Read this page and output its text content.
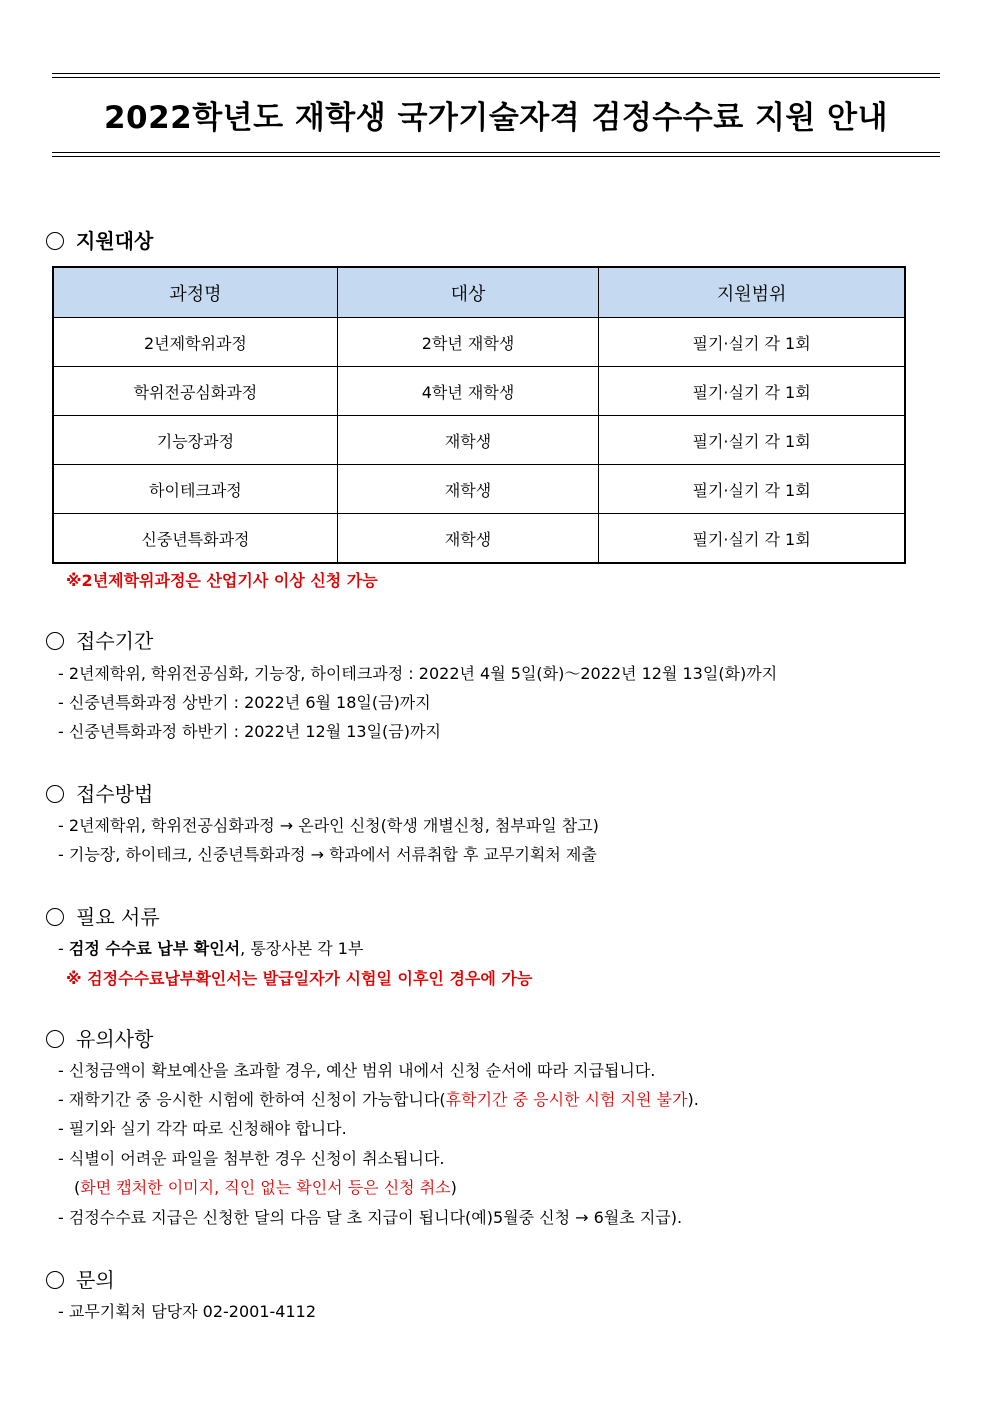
2022학년도 재학생 국가기술자격 검정수수료 지원 안내
지원대상
과정명	대상	지원범위
2년제학위과정	2학년 재학생	필기·실기 각 1회
학위전공심화과정	4학년 재학생	필기·실기 각 1회
기능장과정	재학생	필기·실기 각 1회
하이테크과정	재학생	필기·실기 각 1회
신중년특화과정	재학생	필기·실기 각 1회
※2년제학위과정은 산업기사 이상 신청 가능
접수기간
- 2년제학위, 학위전공심화, 기능장, 하이테크과정 : 2022년 4월 5일(화)～2022년 12월 13일(화)까지
- 신중년특화과정 상반기 : 2022년 6월 18일(금)까지
- 신중년특화과정 하반기 : 2022년 12월 13일(금)까지
접수방법
- 2년제학위, 학위전공심화과정 → 온라인 신청(학생 개별신청, 첨부파일 참고)
- 기능장, 하이테크, 신중년특화과정 → 학과에서 서류취합 후 교무기획처 제출
필요 서류
- 검정 수수료 납부 확인서, 통장사본 각 1부
※ 검정수수료납부확인서는 발급일자가 시험일 이후인 경우에 가능
유의사항
- 신청금액이 확보예산을 초과할 경우, 예산 범위 내에서 신청 순서에 따라 지급됩니다.
- 재학기간 중 응시한 시험에 한하여 신청이 가능합니다(휴학기간 중 응시한 시험 지원 불가).
- 필기와 실기 각각 따로 신청해야 합니다.
- 식별이 어려운 파일을 첨부한 경우 신청이 취소됩니다.
(화면 캡처한 이미지, 직인 없는 확인서 등은 신청 취소)
- 검정수수료 지급은 신청한 달의 다음 달 초 지급이 됩니다(예)5월중 신청 → 6월초 지급).
문의
- 교무기획처 담당자 02-2001-4112
